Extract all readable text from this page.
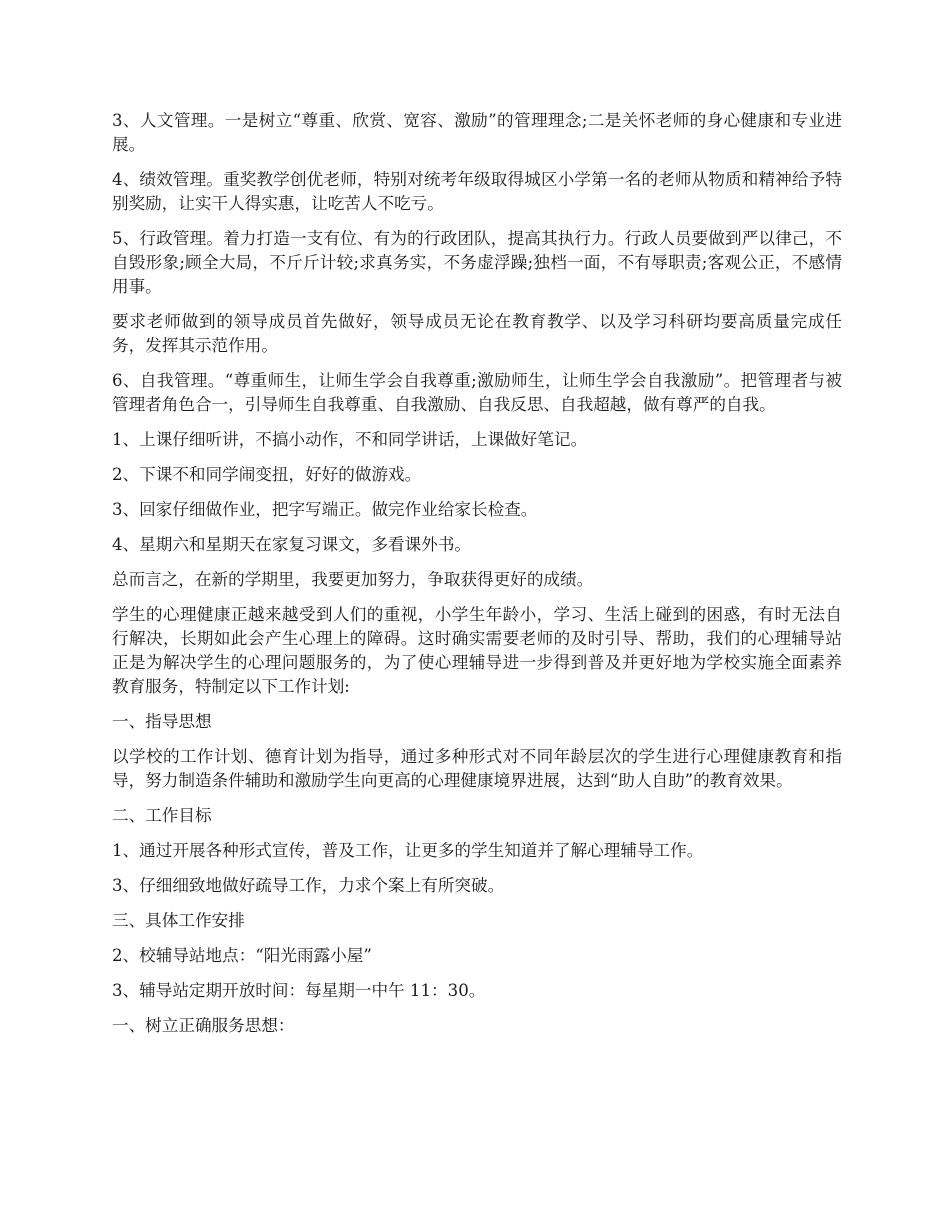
3、人文管理。一是树立“尊重、欣赏、宽容、激励”的管理理念;二是关怀老师的身心健康和专业进展。

4、绩效管理。重奖教学创优老师，特别对统考年级取得城区小学第一名的老师从物质和精神给予特别奖励，让实干人得实惠，让吃苦人不吃亏。

5、行政管理。着力打造一支有位、有为的行政团队，提高其执行力。行政人员要做到严以律己，不自毁形象;顾全大局，不斤斤计较;求真务实，不务虚浮躁;独档一面，不有辱职责;客观公正，不感情用事。

要求老师做到的领导成员首先做好，领导成员无论在教育教学、以及学习科研均要高质量完成任务，发挥其示范作用。

6、自我管理。“尊重师生，让师生学会自我尊重;激励师生，让师生学会自我激励”。把管理者与被管理者角色合一，引导师生自我尊重、自我激励、自我反思、自我超越，做有尊严的自我。

1、上课仔细听讲，不搞小动作，不和同学讲话，上课做好笔记。

2、下课不和同学闹变扭，好好的做游戏。

3、回家仔细做作业，把字写端正。做完作业给家长检查。

4、星期六和星期天在家复习课文，多看课外书。

总而言之，在新的学期里，我要更加努力，争取获得更好的成绩。

学生的心理健康正越来越受到人们的重视，小学生年龄小，学习、生活上碰到的困惑，有时无法自行解决，长期如此会产生心理上的障碍。这时确实需要老师的及时引导、帮助，我们的心理辅导站正是为解决学生的心理问题服务的，为了使心理辅导进一步得到普及并更好地为学校实施全面素养教育服务，特制定以下工作计划:

一、指导思想

以学校的工作计划、德育计划为指导，通过多种形式对不同年龄层次的学生进行心理健康教育和指导，努力制造条件辅助和激励学生向更高的心理健康境界进展，达到“助人自助”的教育效果。

二、工作目标

1、通过开展各种形式宣传，普及工作，让更多的学生知道并了解心理辅导工作。

3、仔细细致地做好疏导工作，力求个案上有所突破。

三、具体工作安排

2、校辅导站地点：“阳光雨露小屋”

3、辅导站定期开放时间：每星期一中午 11：30。

一、树立正确服务思想：
